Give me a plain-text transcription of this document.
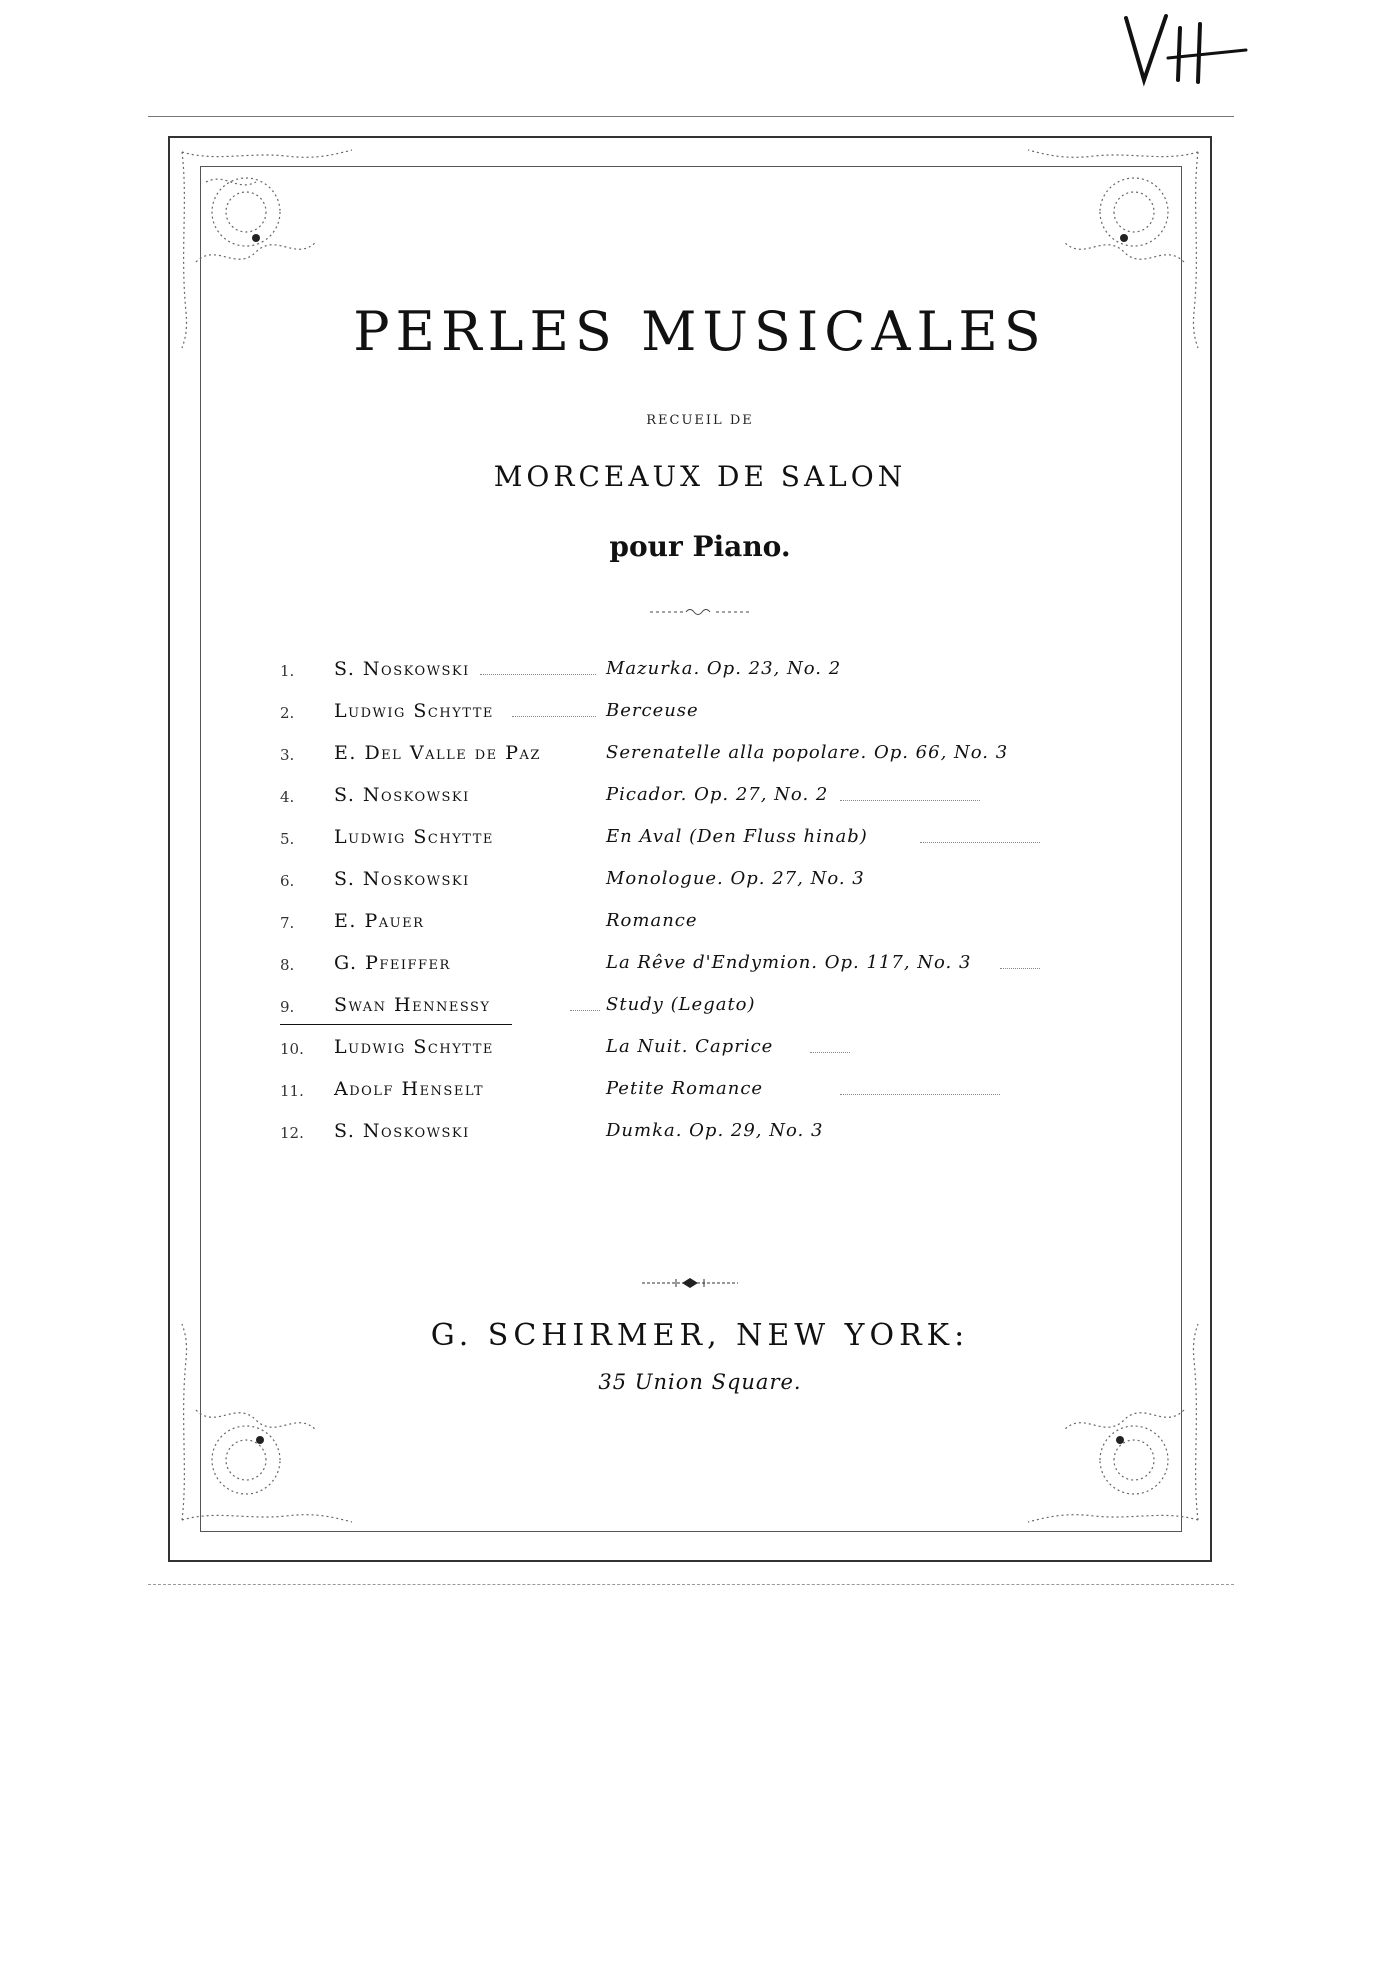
PERLES MUSICALES
RECUEIL DE
MORCEAUX DE SALON
pour Piano.
1.	S. Noskowski	Mazurka. Op. 23, No. 2
2.	Ludwig Schytte	Berceuse
3.	E. Del Valle de Paz	Serenatelle alla popolare. Op. 66, No. 3
4.	S. Noskowski	Picador. Op. 27, No. 2
5.	Ludwig Schytte	En Aval (Den Fluss hinab)
6.	S. Noskowski	Monologue. Op. 27, No. 3
7.	E. Pauer	Romance
8.	G. Pfeiffer	La Rêve d'Endymion. Op. 117, No. 3
9.	Swan Hennessy	Study (Legato)
10.	Ludwig Schytte	La Nuit. Caprice
11.	Adolf Henselt	Petite Romance
12.	S. Noskowski	Dumka. Op. 29, No. 3
G. SCHIRMER, NEW YORK:
35 Union Square.
